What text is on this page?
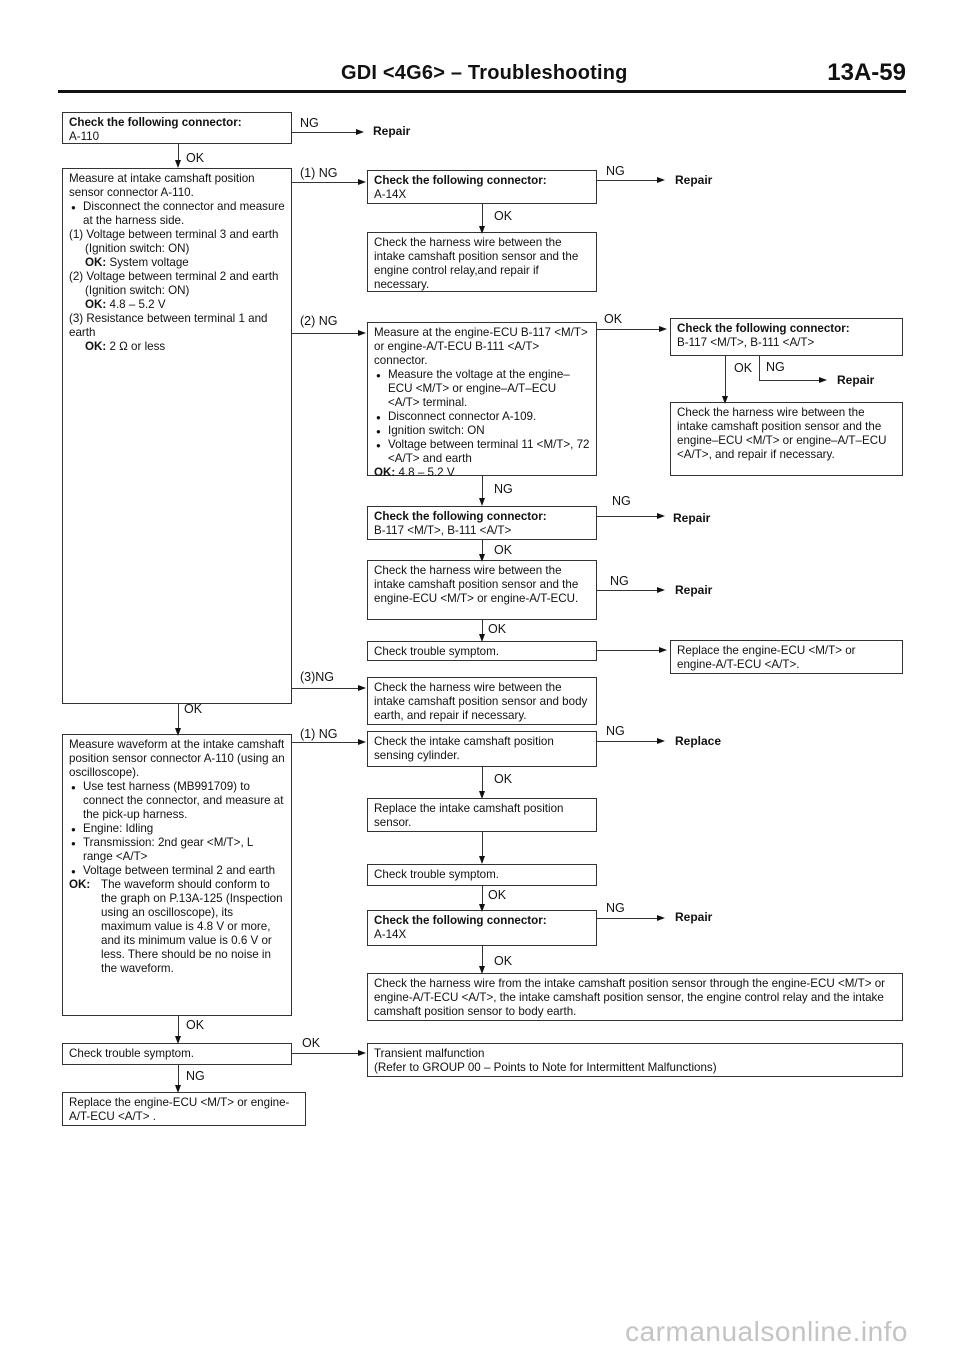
GDI <4G6> – Troubleshooting	13A-59
Check the following connector:
A-110
NG
Repair
OK
Measure at intake camshaft position sensor connector A-110.
● Disconnect the connector and measure at the harness side.
(1) Voltage between terminal 3 and earth
(Ignition switch: ON)
OK: System voltage
(2) Voltage between terminal 2 and earth
(Ignition switch: ON)
OK: 4.8 – 5.2 V
(3) Resistance between terminal 1 and earth
OK: 2 Ω or less
OK
Measure waveform at the intake camshaft position sensor connector A-110 (using an oscilloscope).
● Use test harness (MB991709) to connect the connector, and measure at the pick-up harness.
● Engine: Idling
● Transmission: 2nd gear <M/T>, L range <A/T>
● Voltage between terminal 2 and earth
OK: The waveform should conform to the graph on P.13A-125 (Inspection using an oscilloscope), its maximum value is 4.8 V or more, and its minimum value is 0.6 V or less. There should be no noise in the waveform.
OK
Check trouble symptom.
OK
NG
Replace the engine-ECU <M/T> or engine-A/T-ECU <A/T> .
(1) NG
(2) NG
(3)NG
(1) NG
Check the following connector:
A-14X
NG
Repair
OK
Check the harness wire between the intake camshaft position sensor and the engine control relay,and repair if necessary.
Measure at the engine-ECU B-117 <M/T> or engine-A/T-ECU B-111 <A/T> connector.
● Measure the voltage at the engine–ECU <M/T> or engine–A/T–ECU <A/T> terminal.
● Disconnect connector A-109.
● Ignition switch: ON
● Voltage between terminal 11 <M/T>, 72 <A/T> and earth
OK: 4.8 – 5.2 V
OK
NG
Check the following connector:
B-117 <M/T>, B-111 <A/T>
NG
Repair
OK
Check the harness wire between the intake camshaft position sensor and the engine-ECU <M/T> or engine-A/T-ECU.
NG
Repair
OK
Check trouble symptom.
Check the harness wire between the intake camshaft position sensor and body earth, and repair if necessary.
Check the intake camshaft position sensing cylinder.
NG
Replace
OK
Replace the intake camshaft position sensor.
Check trouble symptom.
OK
Check the following connector:
A-14X
NG
Repair
OK
Check the harness wire from the intake camshaft position sensor through the engine-ECU <M/T> or engine-A/T-ECU <A/T>, the intake camshaft position sensor, the engine control relay and the intake camshaft position sensor to body earth.
Transient malfunction
(Refer to GROUP 00 – Points to Note for Intermittent Malfunctions)
Check the following connector:
B-117 <M/T>, B-111 <A/T>
OK NG
Repair
Check the harness wire between the intake camshaft position sensor and the engine–ECU <M/T> or engine–A/T–ECU <A/T>, and repair if necessary.
Replace the engine-ECU <M/T> or engine-A/T-ECU <A/T>.
carmanualsonline.info
